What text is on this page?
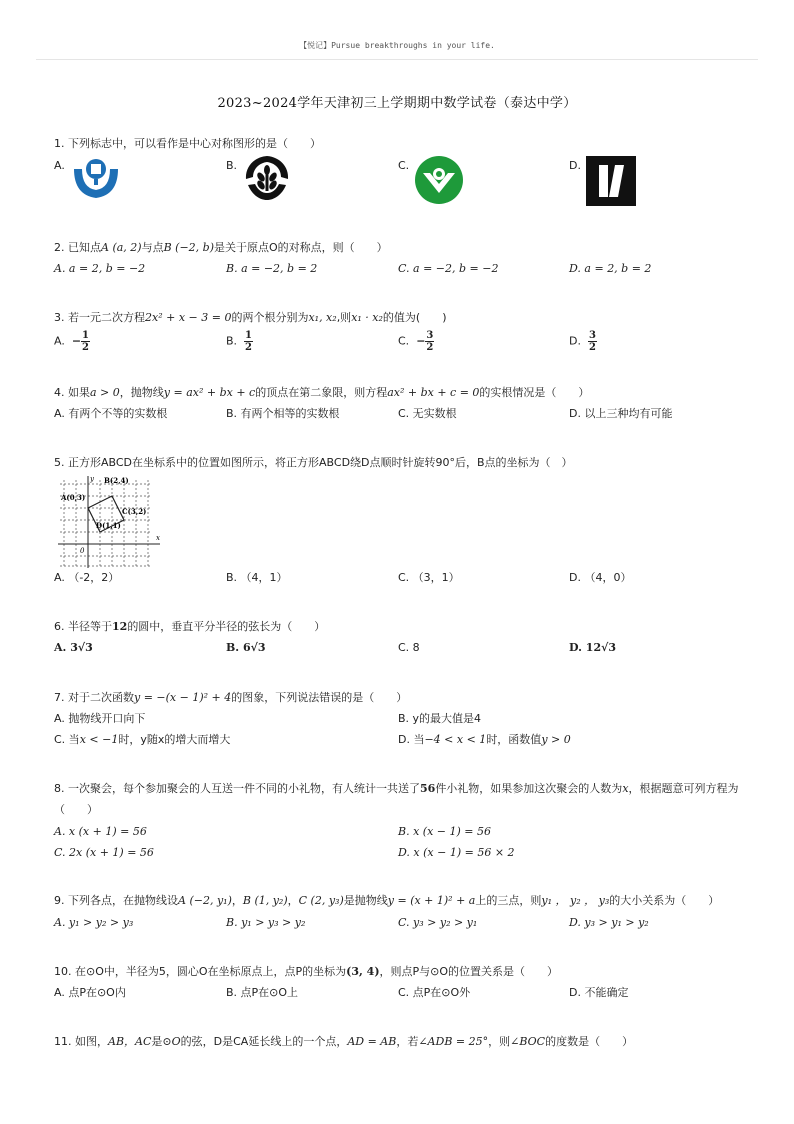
【悦记】Pursue breakthroughs in your life.
2023~2024学年天津初三上学期期中数学试卷（泰达中学）
1. 下列标志中，可以看作是中心对称图形的是（　　）
A.	B.	C.	D.
2. 已知点A (a, 2)与点B (−2, b)是关于原点O的对称点，则（　　）
A. a = 2, b = −2	B. a = −2, b = 2	C. a = −2, b = −2	D. a = 2, b = 2
3. 若一元二次方程2x² + x − 3 = 0的两个根分别为x₁, x₂,则x₁ · x₂的值为(　　)
A. − $\frac{1}{2}$	B. $\frac{1}{2}$	C. − $\frac{3}{2}$	D. $\frac{3}{2}$
4. 如果a > 0，抛物线y = ax² + bx + c的顶点在第二象限，则方程ax² + bx + c = 0的实根情况是（　　）
A. 有两个不等的实数根	B. 有两个相等的实数根	C. 无实数根	D. 以上三种均有可能
5. 正方形ABCD在坐标系中的位置如图所示，将正方形ABCD绕D点顺时针旋转90°后，B点的坐标为（　）
y
x
0
A(0,3)
B(2,4)
C(3,2)
D(1,1)
A. （-2，2）	B. （4，1）	C. （3，1）	D. （4，0）
6. 半径等于12的圆中，垂直平分半径的弦长为（　　）
A. 3√3	B. 6√3	C. 8	D. 12√3
7. 对于二次函数y = −(x − 1)² + 4的图象，下列说法错误的是（　　）
A. 抛物线开口向下	B. y的最大值是4
C. 当x < −1时，y随x的增大而增大	D. 当−4 < x < 1时，函数值y > 0
8. 一次聚会，每个参加聚会的人互送一件不同的小礼物，有人统计一共送了56件小礼物，如果参加这次聚会的人数为x，根据题意可列方程为
（　　）
A. x (x + 1) = 56	B. x (x − 1) = 56
C. 2x (x + 1) = 56	D. x (x − 1) = 56 × 2
9. 下列各点，在抛物线设A (−2, y₁)，B (1, y₂)，C (2, y₃)是抛物线y = (x + 1)² + a上的三点，则y₁ ， y₂ ， y₃的大小关系为（　　）
A. y₁ > y₂ > y₃	B. y₁ > y₃ > y₂	C. y₃ > y₂ > y₁	D. y₃ > y₁ > y₂
10. 在⊙O中，半径为5，圆心O在坐标原点上，点P的坐标为(3, 4)，则点P与⊙O的位置关系是（　　）
A. 点P在⊙O内	B. 点P在⊙O上	C. 点P在⊙O外	D. 不能确定
11. 如图，AB，AC是⊙O的弦，D是CA延长线上的一个点，AD = AB，若∠ADB = 25°，则∠BOC的度数是（　　）
